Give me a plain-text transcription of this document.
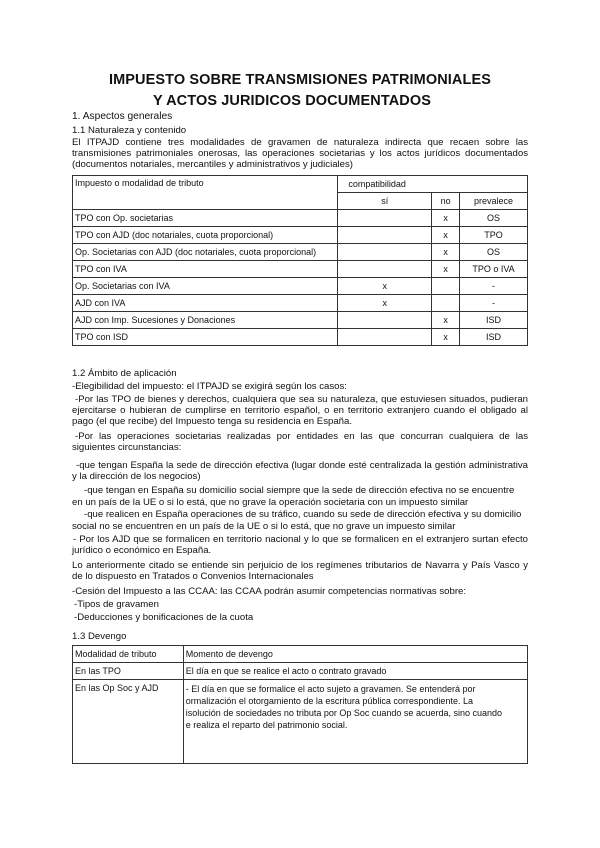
IMPUESTO SOBRE TRANSMISIONES PATRIMONIALES
Y ACTOS JURIDICOS DOCUMENTADOS
1. Aspectos generales
1.1 Naturaleza y contenido
El ITPAJD contiene tres modalidades de gravamen de naturaleza indirecta que recaen sobre las transmisiones patrimoniales onerosas, las operaciones societarias y los actos jurídicos documentados (documentos notariales, mercantiles y administrativos y judiciales)
Impuesto o modalidad de tributo	compatibilidad		
	sí	no	prevalece
TPO con Op. societarias		x	OS
TPO con AJD (doc notariales, cuota proporcional)		x	TPO
Op. Societarias con AJD (doc notariales, cuota proporcional)		x	OS
TPO con IVA		x	TPO o IVA
Op. Societarias con IVA	x		-
AJD con IVA	x		-
AJD con Imp. Sucesiones y Donaciones		x	ISD
TPO con ISD		x	ISD
1.2 Ámbito de aplicación
-Elegibilidad del impuesto: el ITPAJD se exigirá según los casos:
-Por las TPO de bienes y derechos, cualquiera que sea su naturaleza, que estuviesen situados, pudieran ejercitarse o hubieran de cumplirse en territorio español, o en territorio extranjero cuando el obligado al pago (el que recibe) del Impuesto tenga su residencia en España.
-Por las operaciones societarias realizadas por entidades en las que concurran cualquiera de las siguientes circunstancias:
-que tengan España la sede de dirección efectiva (lugar donde esté centralizada la gestión administrativa y la dirección de los negocios)
-que tengan en España su domicilio social siempre que la sede de dirección efectiva no se encuentre
en un país de la UE o si lo está, que no grave la operación societaria con un impuesto similar
-que realicen en España operaciones de su tráfico, cuando su sede de dirección efectiva y su domicilio
social no se encuentren en un país de la UE o si lo está, que no grave un impuesto similar
- Por los AJD que se formalicen en territorio nacional y lo que se formalicen en el extranjero surtan efecto jurídico o económico en España.
Lo anteriormente citado se entiende sin perjuicio de los regímenes tributarios de Navarra y País Vasco y de lo dispuesto en Tratados o Convenios Internacionales
-Cesión del Impuesto a las CCAA: las CCAA podrán asumir competencias normativas sobre:
-Tipos de gravamen
-Deducciones y bonificaciones de la cuota
1.3 Devengo
Modalidad de tributo	Momento de devengo
En las TPO	El día en que se realice el acto o contrato gravado
En las Op Soc y AJD	- El día en que se formalice el acto sujeto a gravamen. Se entenderá por
ormalización el otorgamiento de la escritura pública correspondiente. La
isolución de sociedades no tributa por Op Soc cuando se acuerda, sino cuando
e realiza el reparto del patrimonio social.
